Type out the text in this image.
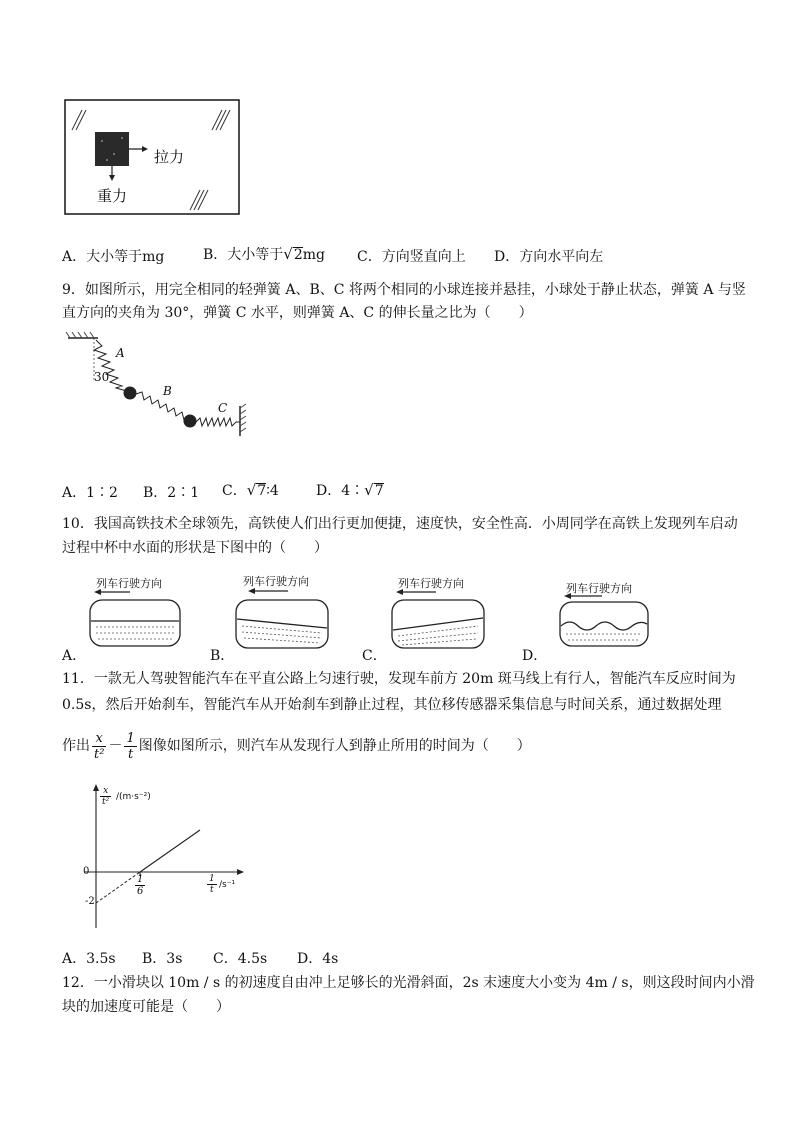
拉力
重力
A．大小等于mg	B．大小等于√2mg C．方向竖直向上 D．方向水平向左
9．如图所示，用完全相同的轻弹簧 A、B、C 将两个相同的小球连接并悬挂，小球处于静止状态，弹簧 A 与竖
直方向的夹角为 30°，弹簧 C 水平，则弹簧 A、C 的伸长量之比为（　　）
A
30
B
C
A．1∶2 B．2∶1 C．√7∶4	D．4∶√7
10．我国高铁技术全球领先，高铁使人们出行更加便捷，速度快，安全性高．小周同学在高铁上发现列车启动
过程中杯中水面的形状是下图中的（　　）
列车行驶方向
A．
列车行驶方向
B．
列车行驶方向
C．
列车行驶方向
D．
11．一款无人驾驶智能汽车在平直公路上匀速行驶，发现车前方 20m 斑马线上有行人，智能汽车反应时间为
0.5s，然后开始刹车，智能汽车从开始刹车到静止过程，其位移传感器采集信息与时间关系，通过数据处理
作出 $\frac{x}{\text{t²}} - \frac{1}{t}$ 图像如图所示，则汽车从发现行人到静止所用的时间为（　　）
$\frac{x}{\text{t²}} /(m\cdot s^{-2})$
0
-2
$\frac{1}{6}$	$\frac{1}{t} /s^{-1}$
A．3.5s B．3s C．4.5s D．4s
12．一小滑块以 10m / s 的初速度自由冲上足够长的光滑斜面，2s 末速度大小变为 4m / s，则这段时间内小滑
块的加速度可能是（　　）
